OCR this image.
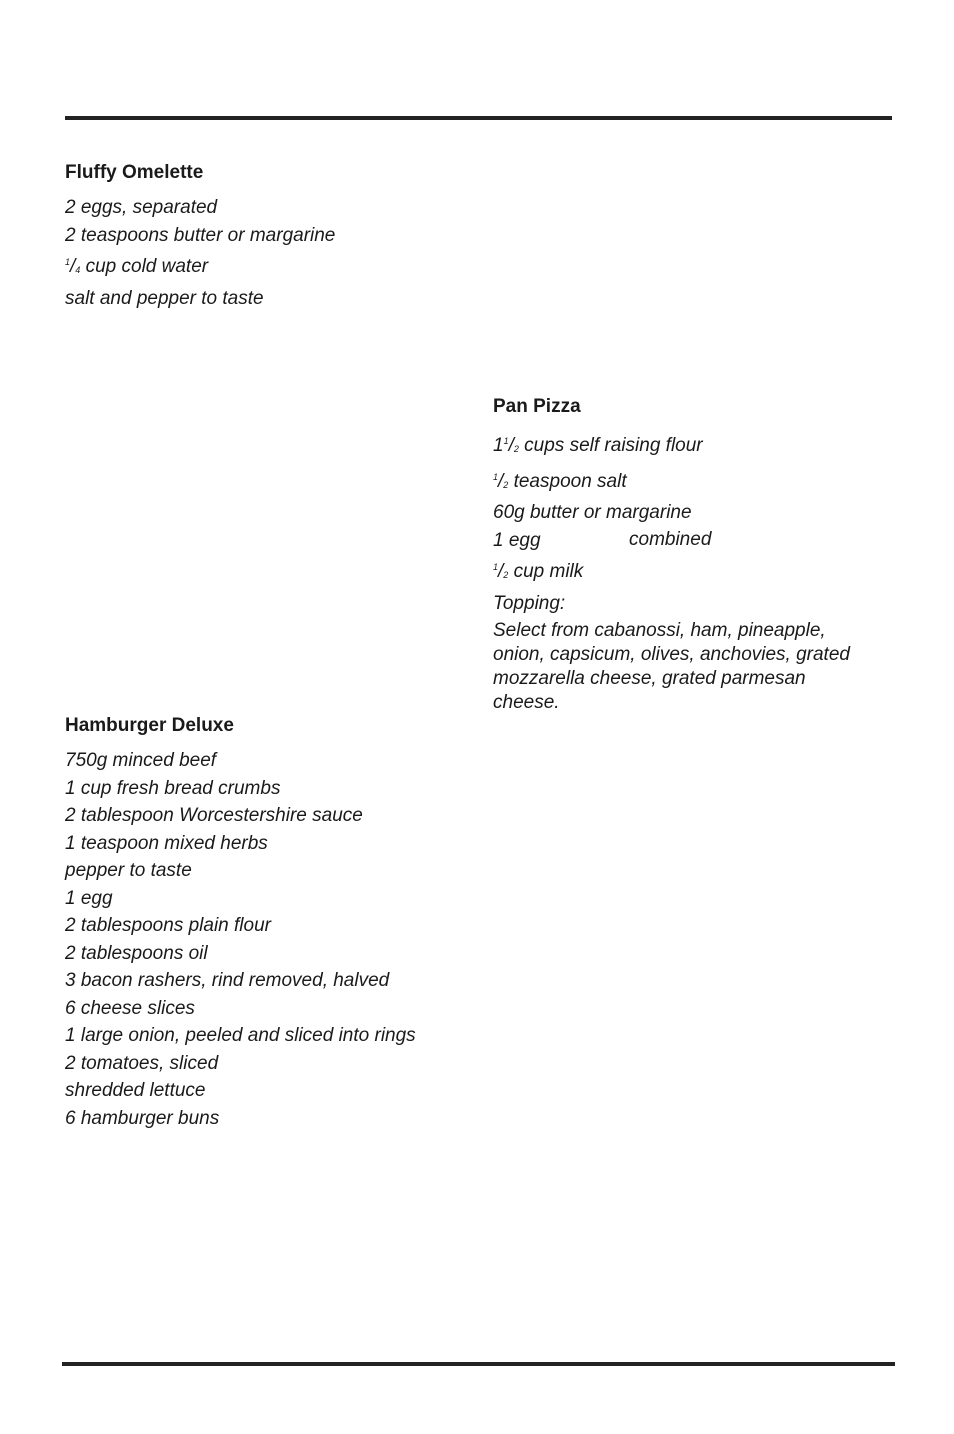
Fluffy Omelette
2 eggs, separated
2 teaspoons butter or margarine
$^1/_4$ cup cold water
salt and pepper to taste
Pan Pizza
$1^1/_2$ cups self raising flour
$^1/_2$ teaspoon salt
60g butter or margarine
1 egg
$^1/_2$ cup milk
Topping:
Select from cabanossi, ham, pineapple, onion, capsicum, olives, anchovies, grated mozzarella cheese, grated parmesan cheese.
combined
Hamburger Deluxe
750g minced beef
1 cup fresh bread crumbs
2 tablespoon Worcestershire sauce
1 teaspoon mixed herbs
pepper to taste
1 egg
2 tablespoons plain flour
2 tablespoons oil
3 bacon rashers, rind removed, halved
6 cheese slices
1 large onion, peeled and sliced into rings
2 tomatoes, sliced
shredded lettuce
6 hamburger buns
